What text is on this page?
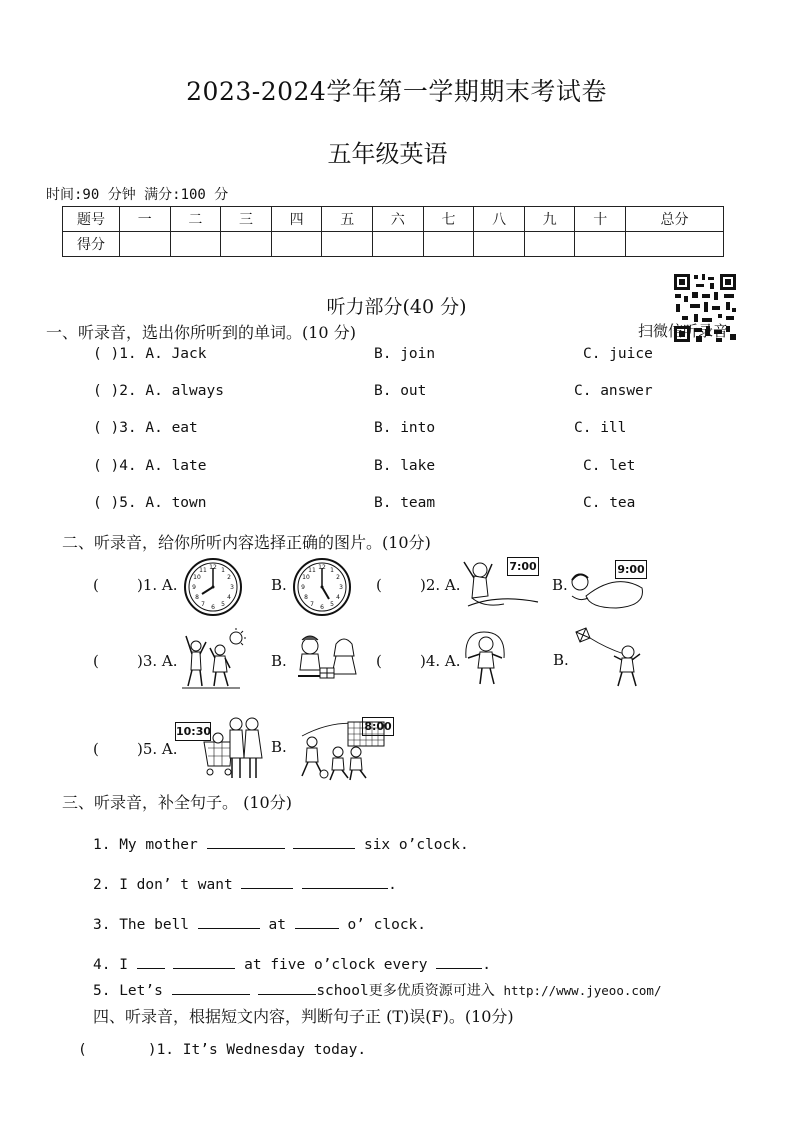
2023-2024学年第一学期期末考试卷
五年级英语
时间:90 分钟 满分:100 分
题号	一	二	三	四	五	六	七	八	九	十	总分
得分											
扫微信听录音
听力部分(40 分)
一、听录音，选出你所听到的单词。(10 分)
( )1. A. Jack	B. join	C. juice
( )2. A. always	B. out	C. answer
( )3. A. eat	B. into	C. ill
( )4. A. late	B. lake	C. let
( )5. A. town	B. team	C. tea
二、听录音，给你所听内容选择正确的图片。(10分)
(        )1. A.
12 1
2
3
4
5
6
7
8
9
10
11
B.
12 1
2
3
4
5
6
7
8
9
10
11
(        )2. A.
7:00
B.
9:00
(        )3. A.	B.	(        )4. A.	B.
(        )5. A.
10:30
B.
8:00
三、听录音，补全句子。 (10分)
1. My mother	six o’clock.
2. I don’ t want	.
3. The bell	at	o’ clock.
4. I	at five o’clock every	.
5. Let’s	school更多优质资源可进入 http://www.jyeoo.com/
四、听录音，根据短文内容，判断句子正 (T)误(F)。(10分)
(       )1. It’s Wednesday today.
